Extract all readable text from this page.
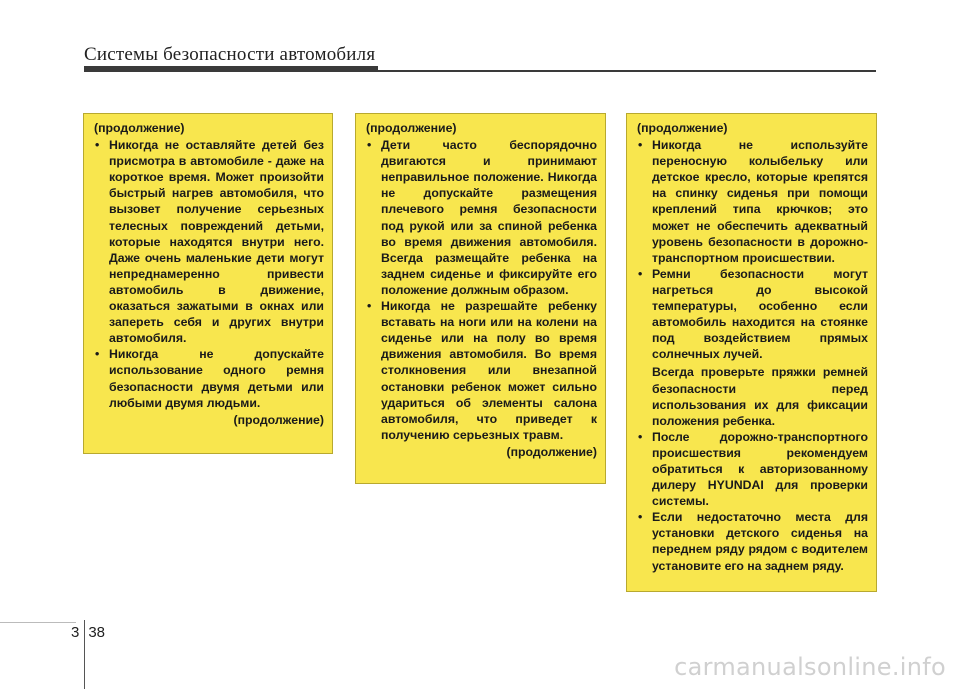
Системы безопасности автомобиля
(продолжение)

• Никогда не оставляйте детей без присмотра в автомобиле - даже на короткое время. Может произойти быстрый нагрев автомобиля, что вызовет получение серьезных телесных повреждений детьми, которые находятся внутри него. Даже очень маленькие дети могут непреднамеренно привести автомобиль в движение, оказаться зажатыми в окнах или запереть себя и других внутри автомобиля.

• Никогда не допускайте использование одного ремня безопасности двумя детьми или любыми двумя людьми.

(продолжение)
(продолжение)

• Дети часто беспорядочно двигаются и принимают неправильное положение. Никогда не допускайте размещения плечевого ремня безопасности под рукой или за спиной ребенка во время движения автомобиля. Всегда размещайте ребенка на заднем сиденье и фиксируйте его положение должным образом.

• Никогда не разрешайте ребенку вставать на ноги или на колени на сиденье или на полу во время движения автомобиля. Во время столкновения или внезапной остановки ребенок может сильно удариться об элементы салона автомобиля, что приведет к получению серьезных травм.

(продолжение)
(продолжение)

• Никогда не используйте переносную колыбельку или детское кресло, которые крепятся на спинку сиденья при помощи креплений типа крючков; это может не обеспечить адекватный уровень безопасности в дорожно-транспортном происшествии.

• Ремни безопасности могут нагреться до высокой температуры, особенно если автомобиль находится на стоянке под воздействием прямых солнечных лучей.

Всегда проверьте пряжки ремней безопасности перед использования их для фиксации положения ребенка.

• После дорожно-транспортного происшествия рекомендуем обратиться к авторизованному дилеру HYUNDAI для проверки системы.

• Если недостаточно места для установки детского сиденья на переднем ряду рядом с водителем установите его на заднем ряду.

3 38
carmanualsonline.info
